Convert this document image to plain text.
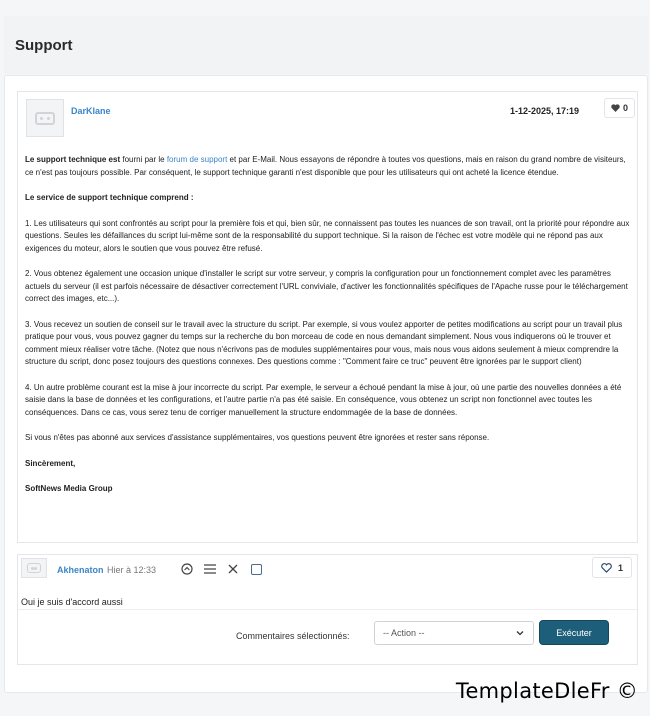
Support
DarKlane	1-12-2025, 17:19	0

Le support technique est fourni par le forum de support et par E-Mail. Nous essayons de répondre à toutes vos questions, mais en raison du grand nombre de visiteurs, ce n'est pas toujours possible. Par conséquent, le support technique garanti n'est disponible que pour les utilisateurs qui ont acheté la licence étendue.

Le service de support technique comprend :

1. Les utilisateurs qui sont confrontés au script pour la première fois et qui, bien sûr, ne connaissent pas toutes les nuances de son travail, ont la priorité pour répondre aux questions. Seules les défaillances du script lui-même sont de la responsabilité du support technique. Si la raison de l'échec est votre modèle qui ne répond pas aux exigences du moteur, alors le soutien que vous pouvez être refusé.

2. Vous obtenez également une occasion unique d'installer le script sur votre serveur, y compris la configuration pour un fonctionnement complet avec les paramètres actuels du serveur (il est parfois nécessaire de désactiver correctement l'URL conviviale, d'activer les fonctionnalités spécifiques de l'Apache russe pour le téléchargement correct des images, etc...).

3. Vous recevez un soutien de conseil sur le travail avec la structure du script. Par exemple, si vous voulez apporter de petites modifications au script pour un travail plus pratique pour vous, vous pouvez gagner du temps sur la recherche du bon morceau de code en nous demandant simplement. Nous vous indiquerons où le trouver et comment mieux réaliser votre tâche. (Notez que nous n'écrivons pas de modules supplémentaires pour vous, mais nous vous aidons seulement à mieux comprendre la structure du script, donc posez toujours des questions connexes. Des questions comme : "Comment faire ce truc" peuvent être ignorées par le support client)

4. Un autre problème courant est la mise à jour incorrecte du script. Par exemple, le serveur a échoué pendant la mise à jour, où une partie des nouvelles données a été saisie dans la base de données et les configurations, et l'autre partie n'a pas été saisie. En conséquence, vous obtenez un script non fonctionnel avec toutes les conséquences. Dans ce cas, vous serez tenu de corriger manuellement la structure endommagée de la base de données.

Si vous n'êtes pas abonné aux services d'assistance supplémentaires, vos questions peuvent être ignorées et rester sans réponse.

Sincèrement,

SoftNews Media Group

Akhenaton Hier à 12:33	1
Oui je suis d'accord aussi
Commentaires sélectionnés:	-- Action --	Exécuter
TemplateDleFr ©
